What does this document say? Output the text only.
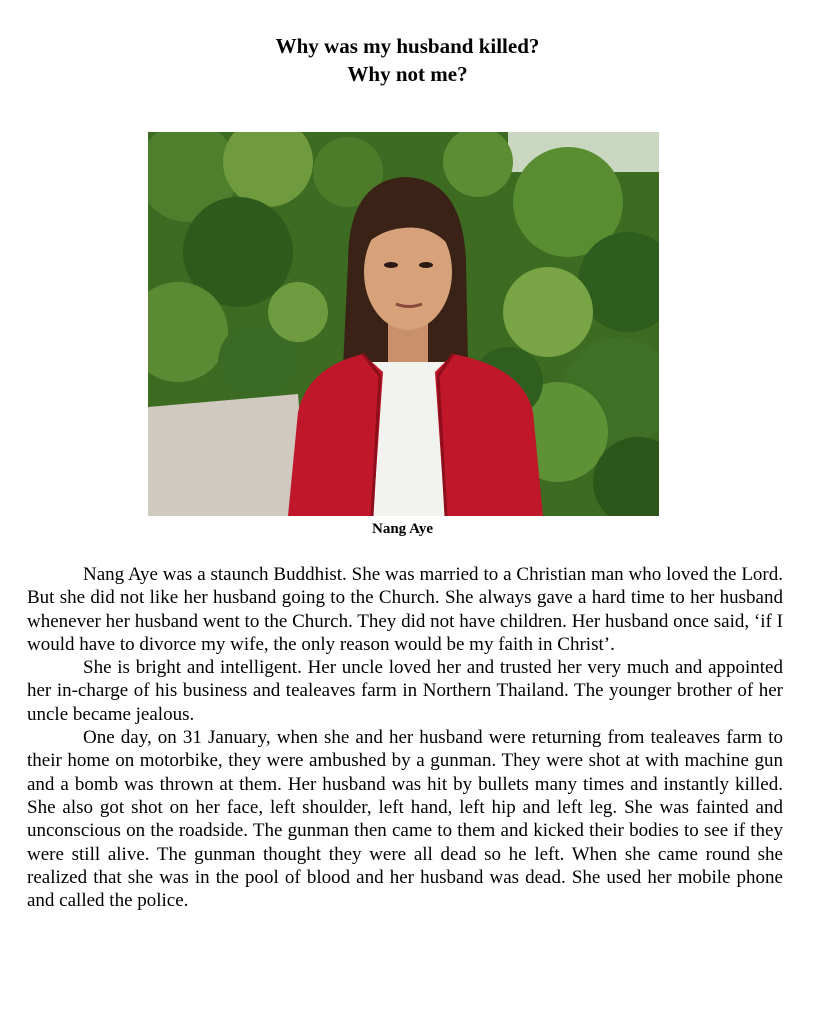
Why was my husband killed?
Why not me?
Nang Aye

Nang Aye was a staunch Buddhist. She was married to a Christian man who loved the Lord. But she did not like her husband going to the Church. She always gave a hard time to her husband whenever her husband went to the Church. They did not have children. Her husband once said, ‘if I would have to divorce my wife, the only reason would be my faith in Christ’.

She is bright and intelligent. Her uncle loved her and trusted her very much and appointed her in-charge of his business and tealeaves farm in Northern Thailand. The younger brother of her uncle became jealous.

One day, on 31 January, when she and her husband were returning from tealeaves farm to their home on motorbike, they were ambushed by a gunman. They were shot at with machine gun and a bomb was thrown at them. Her husband was hit by bullets many times and instantly killed. She also got shot on her face, left shoulder, left hand, left hip and left leg. She was fainted and unconscious on the roadside. The gunman then came to them and kicked their bodies to see if they were still alive. The gunman thought they were all dead so he left. When she came round she realized that she was in the pool of blood and her husband was dead. She used her mobile phone and called the police.
